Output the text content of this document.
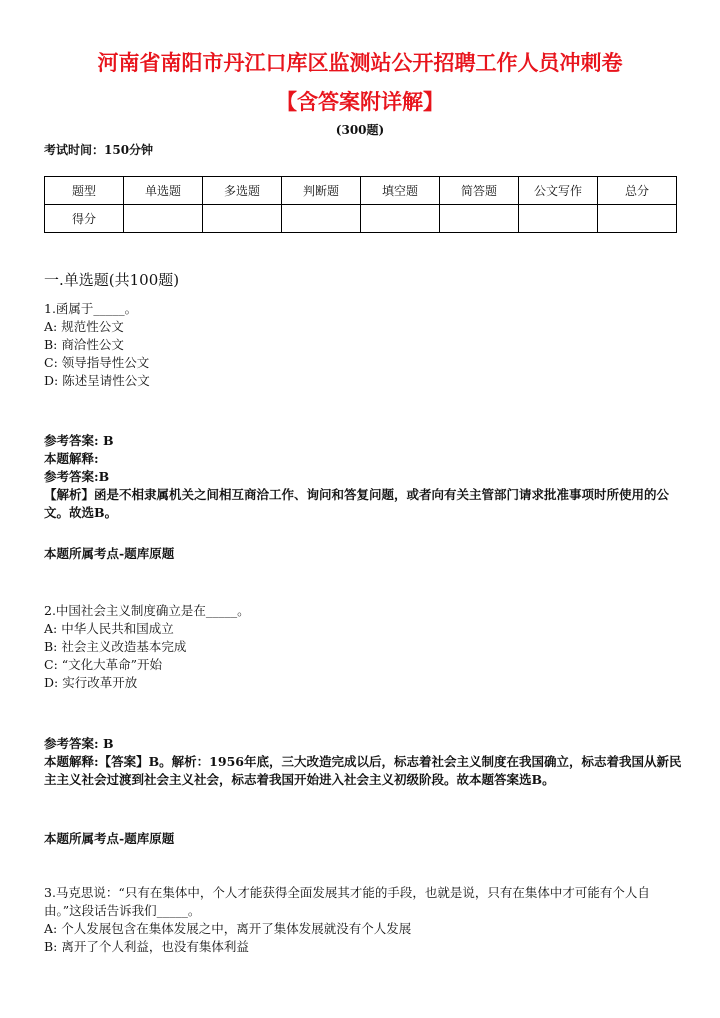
河南省南阳市丹江口库区监测站公开招聘工作人员冲刺卷
【含答案附详解】
(300题)
考试时间：150分钟
题型	单选题	多选题	判断题	填空题	简答题	公文写作	总分
得分							
一.单选题(共100题)

1.函属于_____。

A: 规范性公文

B: 商洽性公文

C: 领导指导性公文

D: 陈述呈请性公文

参考答案: B

本题解释:

参考答案:B

【解析】函是不相隶属机关之间相互商洽工作、询问和答复问题，或者向有关主管部门请求批准事项时所使用的公文。故选B。

本题所属考点-题库原题

2.中国社会主义制度确立是在_____。

A: 中华人民共和国成立

B: 社会主义改造基本完成

C: “文化大革命”开始

D: 实行改革开放

参考答案: B

本题解释:【答案】B。解析：1956年底，三大改造完成以后，标志着社会主义制度在我国确立，标志着我国从新民主主义社会过渡到社会主义社会，标志着我国开始进入社会主义初级阶段。故本题答案选B。

本题所属考点-题库原题

3.马克思说：“只有在集体中，个人才能获得全面发展其才能的手段，也就是说，只有在集体中才可能有个人自由。”这段话告诉我们_____。

A: 个人发展包含在集体发展之中，离开了集体发展就没有个人发展

B: 离开了个人利益，也没有集体利益
